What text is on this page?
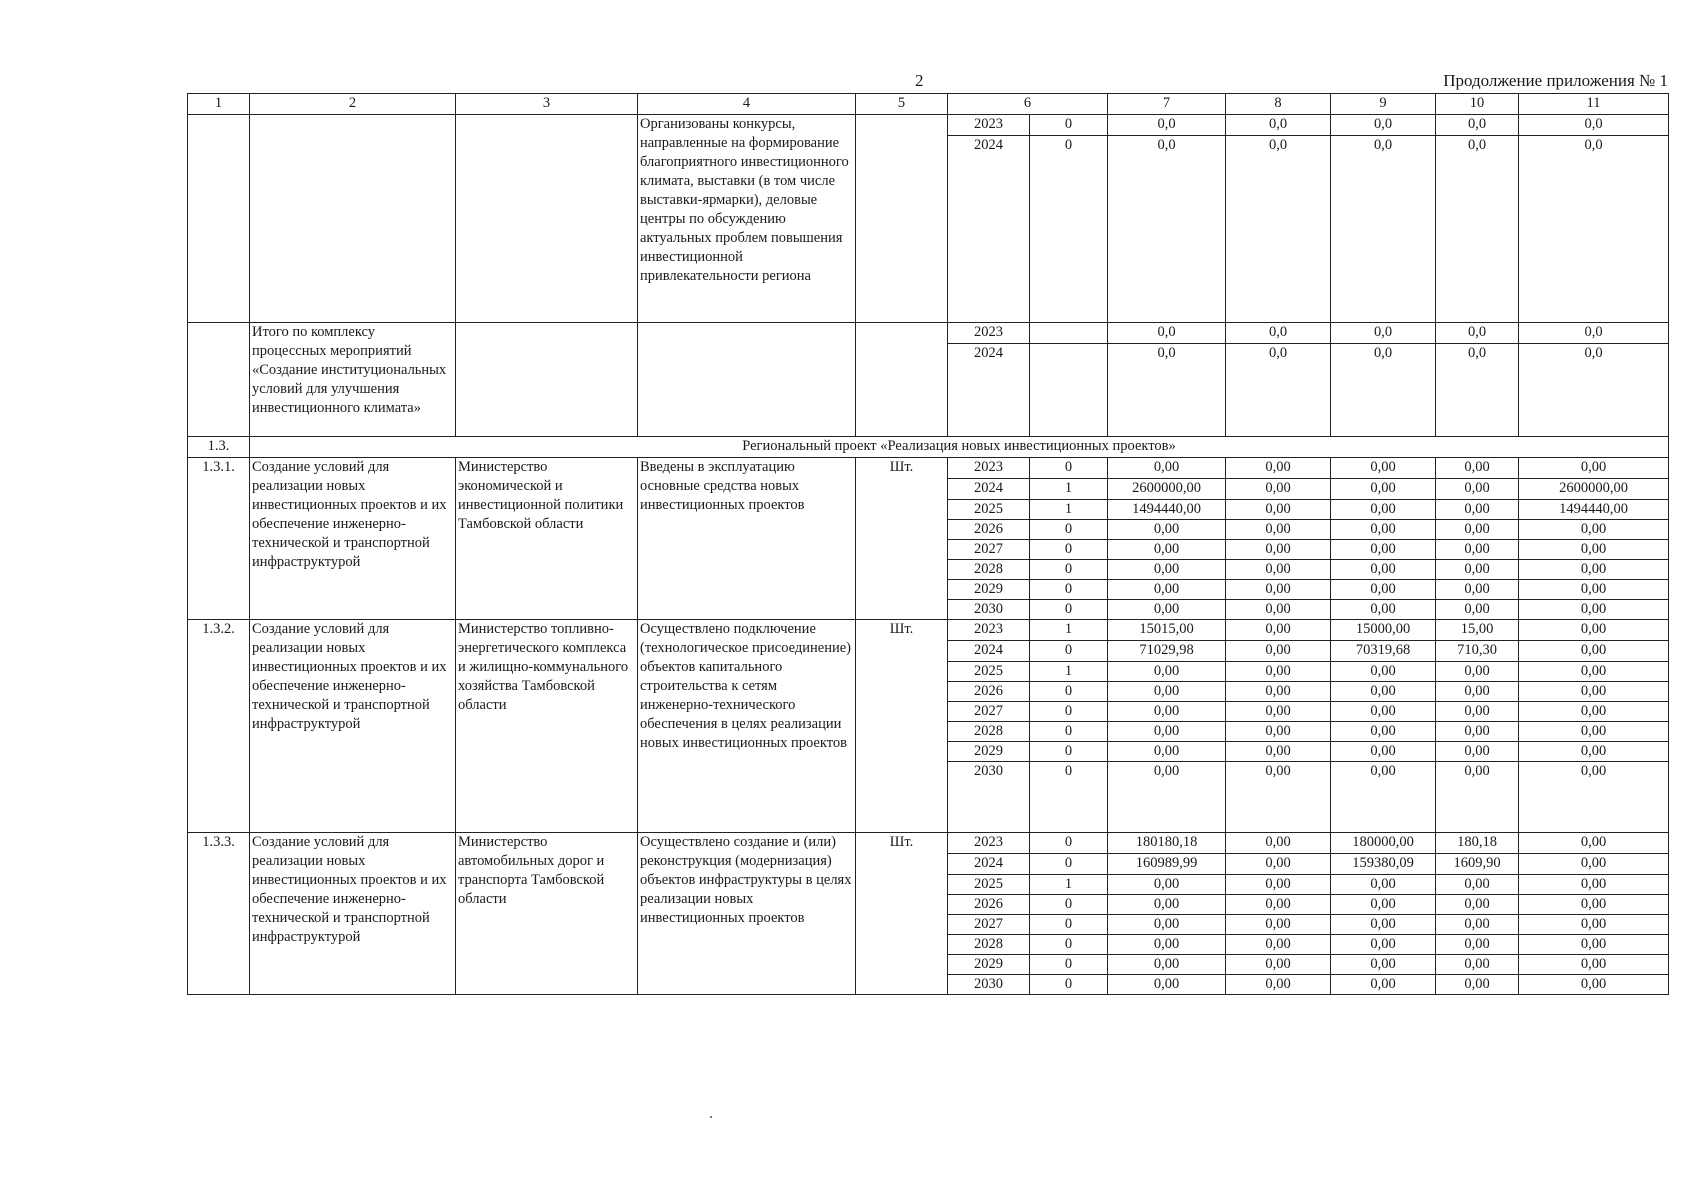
2	Продолжение приложения № 1
1	2	3	4	5	6		7	8	9	10	11
			Организованы конкурсы, направленные на формирование благоприятного инвестиционного климата, выставки (в том числе выставки-ярмарки), деловые центры по обсуждению актуальных проблем повышения инвестиционной привлекательности региона		2023	0	0,0	0,0	0,0	0,0	0,0
					2024	0	0,0	0,0	0,0	0,0	0,0
	Итого по комплексу процессных мероприятий «Создание институциональных условий для улучшения инвестиционного климата»				2023		0,0	0,0	0,0	0,0	0,0
					2024		0,0	0,0	0,0	0,0	0,0
1.3.	Региональный проект «Реализация новых инвестиционных проектов»										
1.3.1.	Создание условий для реализации новых инвестиционных проектов и их обеспечение инженерно-технической и транспортной инфраструктурой	Министерство экономической и инвестиционной политики Тамбовской области	Введены в эксплуатацию основные средства новых инвестиционных проектов	Шт.	2023	0	0,00	0,00	0,00	0,00	0,00
					2024	1	2600000,00	0,00	0,00	0,00	2600000,00
					2025	1	1494440,00	0,00	0,00	0,00	1494440,00
					2026	0	0,00	0,00	0,00	0,00	0,00
					2027	0	0,00	0,00	0,00	0,00	0,00
					2028	0	0,00	0,00	0,00	0,00	0,00
					2029	0	0,00	0,00	0,00	0,00	0,00
					2030	0	0,00	0,00	0,00	0,00	0,00
1.3.2.	Создание условий для реализации новых инвестиционных проектов и их обеспечение инженерно-технической и транспортной инфраструктурой	Министерство топливно-энергетического комплекса и жилищно-коммунального хозяйства Тамбовской области	Осуществлено подключение (технологическое присоединение) объектов капитального строительства к сетям инженерно-технического обеспечения в целях реализации новых инвестиционных проектов	Шт.	2023	1	15015,00	0,00	15000,00	15,00	0,00
					2024	0	71029,98	0,00	70319,68	710,30	0,00
					2025	1	0,00	0,00	0,00	0,00	0,00
					2026	0	0,00	0,00	0,00	0,00	0,00
					2027	0	0,00	0,00	0,00	0,00	0,00
					2028	0	0,00	0,00	0,00	0,00	0,00
					2029	0	0,00	0,00	0,00	0,00	0,00
					2030	0	0,00	0,00	0,00	0,00	0,00
1.3.3.	Создание условий для реализации новых инвестиционных проектов и их обеспечение инженерно-технической и транспортной инфраструктурой	Министерство автомобильных дорог и транспорта Тамбовской области	Осуществлено создание и (или) реконструкция (модернизация) объектов инфраструктуры в целях реализации новых инвестиционных проектов	Шт.	2023	0	180180,18	0,00	180000,00	180,18	0,00
					2024	0	160989,99	0,00	159380,09	1609,90	0,00
					2025	1	0,00	0,00	0,00	0,00	0,00
					2026	0	0,00	0,00	0,00	0,00	0,00
					2027	0	0,00	0,00	0,00	0,00	0,00
					2028	0	0,00	0,00	0,00	0,00	0,00
					2029	0	0,00	0,00	0,00	0,00	0,00
					2030	0	0,00	0,00	0,00	0,00	0,00
